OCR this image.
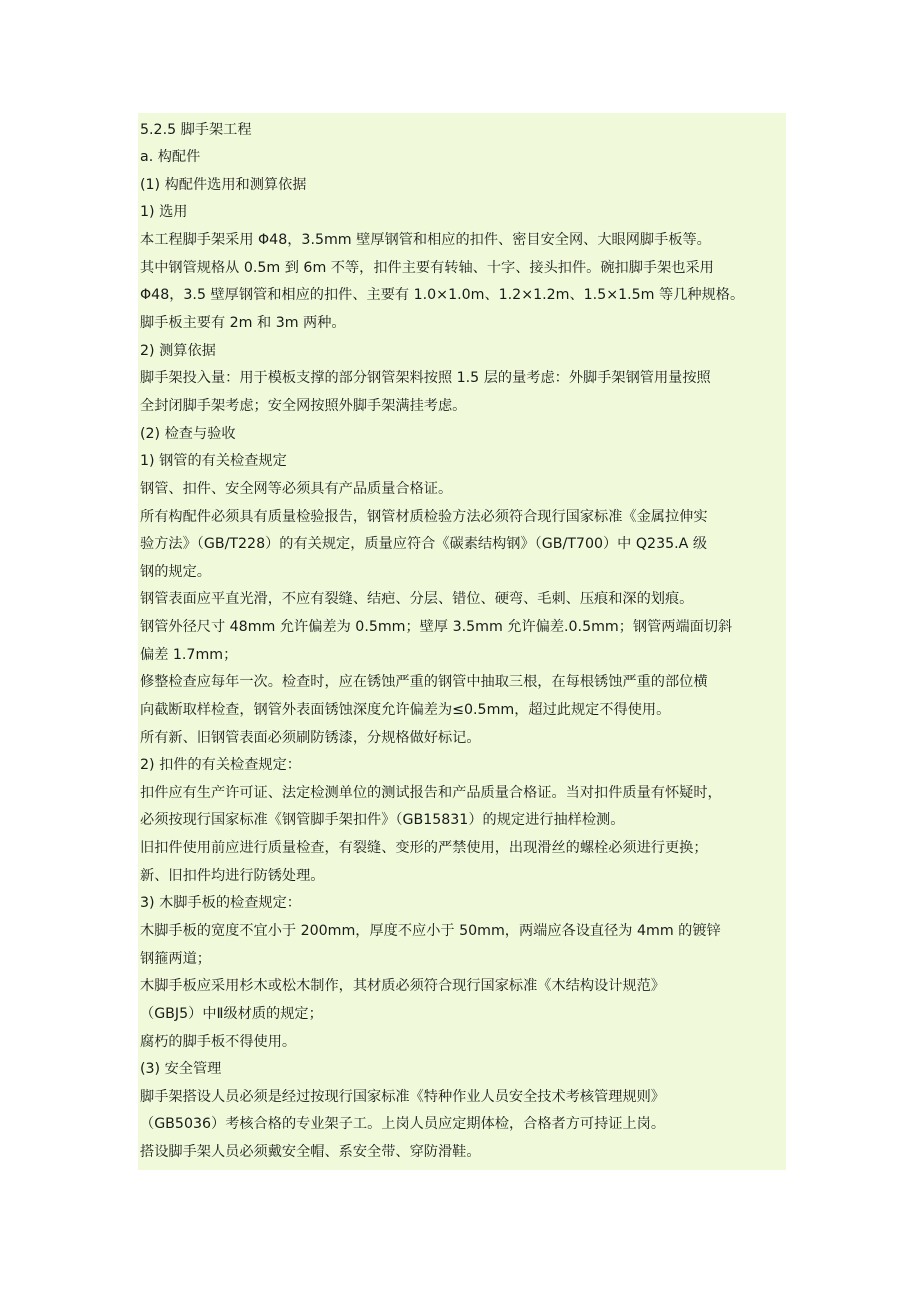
5.2.5 脚手架工程
a. 构配件
(1) 构配件选用和测算依据
1) 选用
本工程脚手架采用 Φ48，3.5mm 壁厚钢管和相应的扣件、密目安全网、大眼网脚手板等。
其中钢管规格从 0.5m 到 6m 不等，扣件主要有转轴、十字、接头扣件。碗扣脚手架也采用
Φ48，3.5 壁厚钢管和相应的扣件、主要有 1.0×1.0m、1.2×1.2m、1.5×1.5m 等几种规格。
脚手板主要有 2m 和 3m 两种。
2) 测算依据
脚手架投入量：用于模板支撑的部分钢管架料按照 1.5 层的量考虑：外脚手架钢管用量按照
全封闭脚手架考虑；安全网按照外脚手架满挂考虑。
(2) 检查与验收
1) 钢管的有关检查规定
钢管、扣件、安全网等必须具有产品质量合格证。
所有构配件必须具有质量检验报告，钢管材质检验方法必须符合现行国家标准《金属拉伸实
验方法》（GB/T228）的有关规定，质量应符合《碳素结构钢》（GB/T700）中 Q235.A 级
钢的规定。
钢管表面应平直光滑，不应有裂缝、结疤、分层、错位、硬弯、毛刺、压痕和深的划痕。
钢管外径尺寸 48mm 允许偏差为 0.5mm；壁厚 3.5mm 允许偏差.0.5mm；钢管两端面切斜
偏差 1.7mm；
修整检查应每年一次。检查时，应在锈蚀严重的钢管中抽取三根，在每根锈蚀严重的部位横
向截断取样检查，钢管外表面锈蚀深度允许偏差为≤0.5mm，超过此规定不得使用。
所有新、旧钢管表面必须刷防锈漆，分规格做好标记。
2) 扣件的有关检查规定：
扣件应有生产许可证、法定检测单位的测试报告和产品质量合格证。当对扣件质量有怀疑时，
必须按现行国家标准《钢管脚手架扣件》（GB15831）的规定进行抽样检测。
旧扣件使用前应进行质量检查，有裂缝、变形的严禁使用，出现滑丝的螺栓必须进行更换；
新、旧扣件均进行防锈处理。
3) 木脚手板的检查规定：
木脚手板的宽度不宜小于 200mm，厚度不应小于 50mm，两端应各设直径为 4mm 的镀锌
钢箍两道；
木脚手板应采用杉木或松木制作，其材质必须符合现行国家标准《木结构设计规范》
（GBJ5）中Ⅱ级材质的规定；
腐朽的脚手板不得使用。
(3) 安全管理
脚手架搭设人员必须是经过按现行国家标准《特种作业人员安全技术考核管理规则》
（GB5036）考核合格的专业架子工。上岗人员应定期体检，合格者方可持证上岗。
搭设脚手架人员必须戴安全帽、系安全带、穿防滑鞋。
